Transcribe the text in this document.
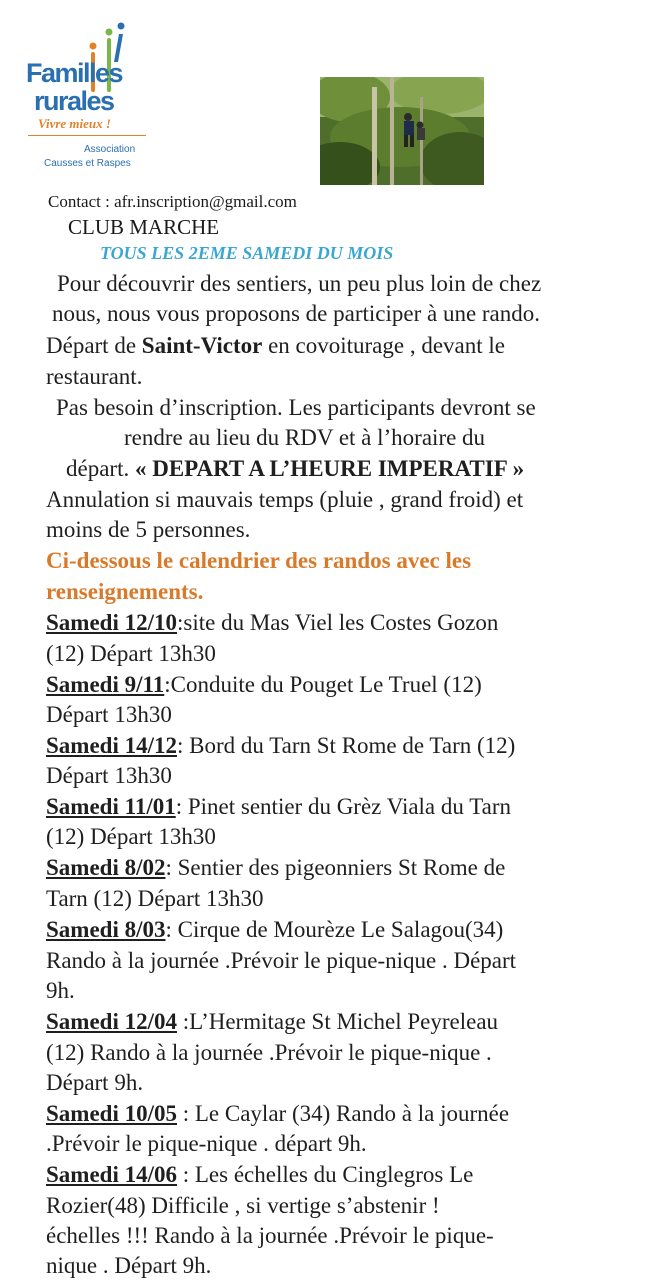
Familles
rurales
Vivre mieux !
Association
Causses et Raspes
Contact : afr.inscription@gmail.com
CLUB MARCHE
TOUS LES 2EME SAMEDI DU MOIS
Pour découvrir des sentiers, un peu plus loin de chez
nous, nous vous proposons de participer à une rando.
Départ de Saint-Victor en covoiturage , devant le
restaurant.
Pas besoin d’inscription. Les participants devront se
rendre au lieu du RDV et à l’horaire du
départ. « DEPART A L’HEURE IMPERATIF »
Annulation si mauvais temps (pluie , grand froid) et
moins de 5 personnes.
Ci-dessous le calendrier des randos avec les
renseignements.
Samedi 12/10:site du Mas Viel les Costes Gozon
(12) Départ 13h30
Samedi 9/11:Conduite du Pouget Le Truel (12)
Départ 13h30
Samedi 14/12: Bord du Tarn St Rome de Tarn (12)
Départ 13h30
Samedi 11/01: Pinet sentier du Grèz Viala du Tarn
(12) Départ 13h30
Samedi 8/02: Sentier des pigeonniers St Rome de
Tarn (12) Départ 13h30
Samedi 8/03: Cirque de Mourèze Le Salagou(34)
Rando à la journée .Prévoir le pique-nique . Départ
9h.
Samedi 12/04 :L’Hermitage St Michel Peyreleau
(12) Rando à la journée .Prévoir le pique-nique .
Départ 9h.
Samedi 10/05 : Le Caylar (34) Rando à la journée
.Prévoir le pique-nique . départ 9h.
Samedi 14/06 : Les échelles du Cinglegros Le
Rozier(48) Difficile , si vertige s’abstenir !
échelles !!! Rando à la journée .Prévoir le pique-
nique . Départ 9h.
